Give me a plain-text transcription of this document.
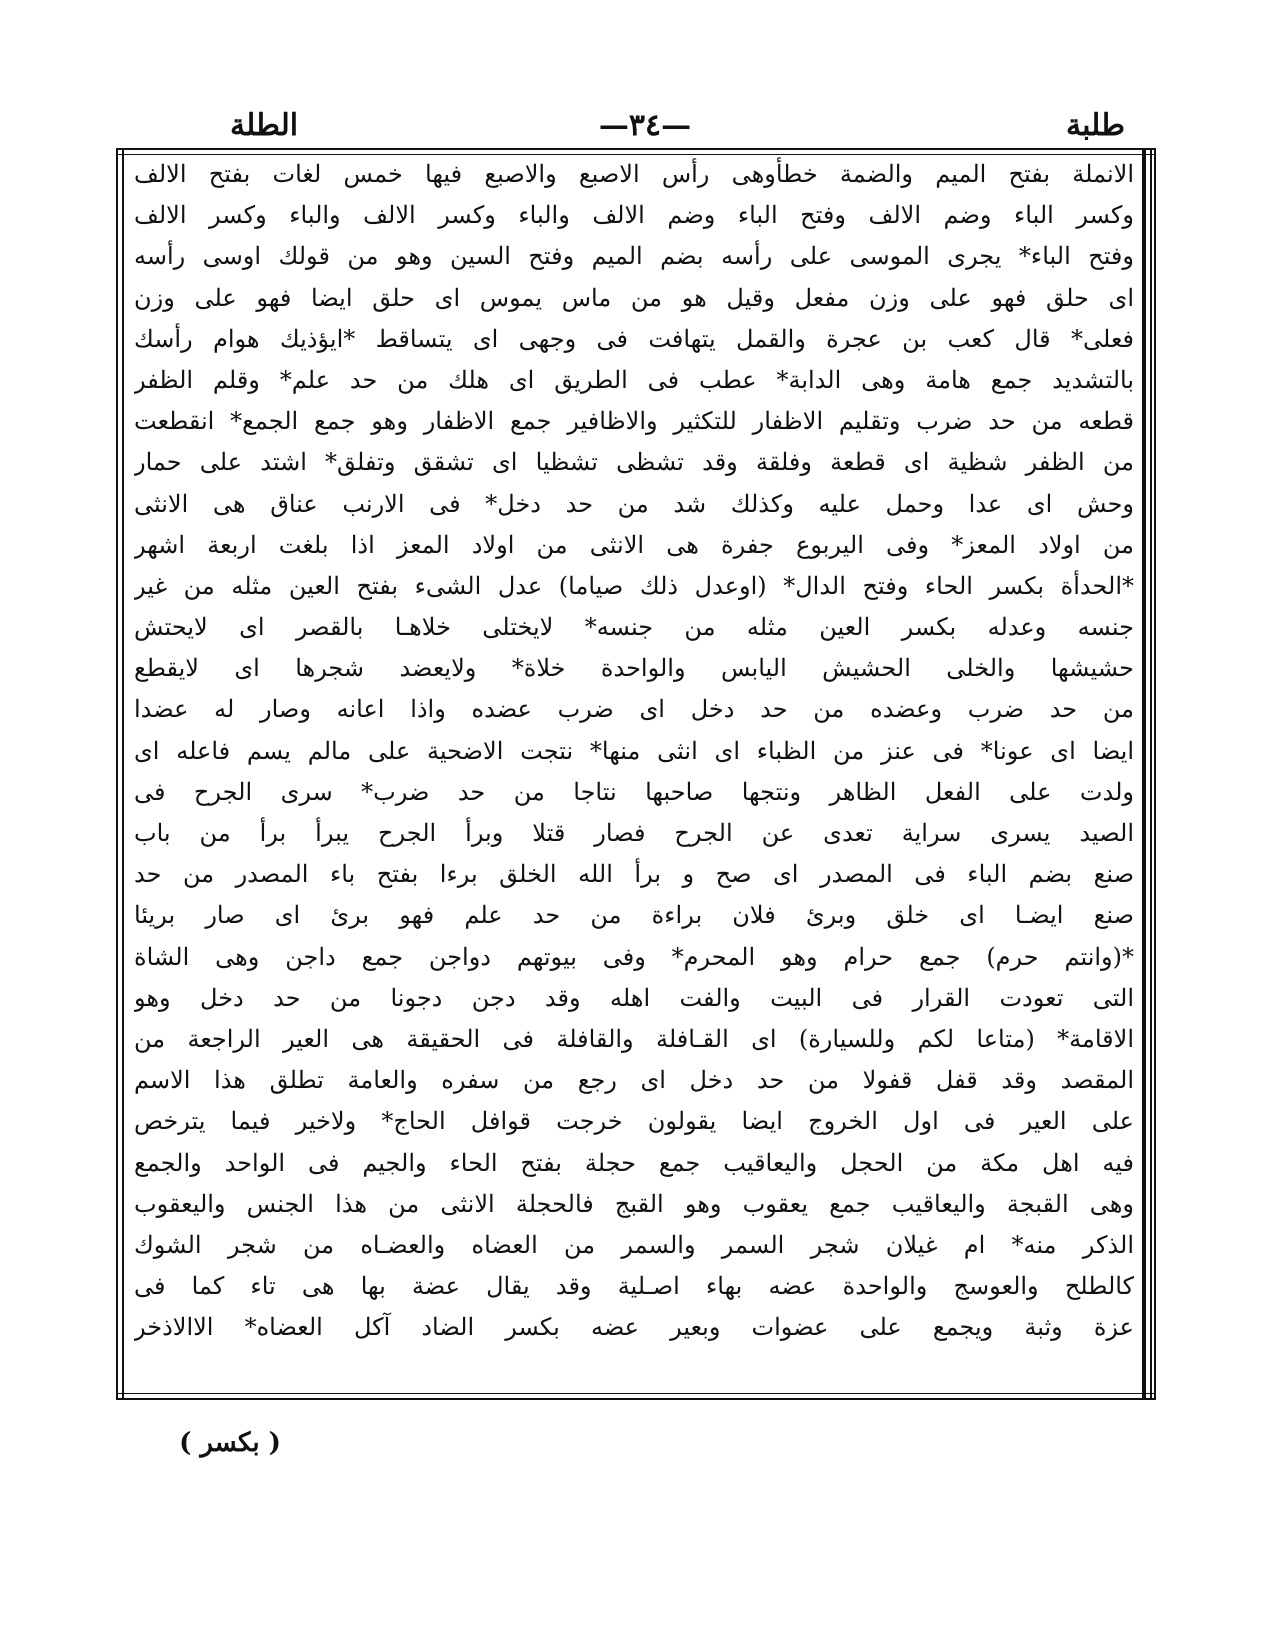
طلبة
—٣٤—
الطلة
الانملة بفتح الميم والضمة خطأوهى رأس الاصبع والاصبع فيها خمس لغات بفتح الالف
وكسر الباء وضم الالف وفتح الباء وضم الالف والباء وكسر الالف والباء وكسر الالف
وفتح الباء* يجرى الموسى على رأسه بضم الميم وفتح السين وهو من قولك اوسى رأسه
اى حلق فهو على وزن مفعل وقيل هو من ماس يموس اى حلق ايضا فهو على وزن
فعلى* قال كعب بن عجرة والقمل يتهافت فى وجهى اى يتساقط *ايؤذيك هوام رأسك
بالتشديد جمع هامة وهى الدابة* عطب فى الطريق اى هلك من حد علم* وقلم الظفر
قطعه من حد ضرب وتقليم الاظفار للتكثير والاظافير جمع الاظفار وهو جمع الجمع* انقطعت
من الظفر شظية اى قطعة وفلقة وقد تشظى تشظيا اى تشقق وتفلق* اشتد على حمار
وحش اى عدا وحمل عليه وكذلك شد من حد دخل* فى الارنب عناق هى الانثى
من اولاد المعز* وفى اليربوع جفرة هى الانثى من اولاد المعز اذا بلغت اربعة اشهر
*الحدأة بكسر الحاء وفتح الدال* (اوعدل ذلك صياما) عدل الشىء بفتح العين مثله من غير
جنسه وعدله بكسر العين مثله من جنسه* لايختلى خلاهـا بالقصر اى لايحتش
حشيشها والخلى الحشيش اليابس والواحدة خلاة* ولايعضد شجرها اى لايقطع
من حد ضرب وعضده من حد دخل اى ضرب عضده واذا اعانه وصار له عضدا
ايضا اى عونا* فى عنز من الظباء اى انثى منها* نتجت الاضحية على مالم يسم فاعله اى
ولدت على الفعل الظاهر ونتجها صاحبها نتاجا من حد ضرب* سرى الجرح فى
الصيد يسرى سراية تعدى عن الجرح فصار قتلا وبرأ الجرح يبرأ برأ من باب
صنع بضم الباء فى المصدر اى صح و برأ الله الخلق برءا بفتح باء المصدر من حد
صنع ايضـا اى خلق وبرئ فلان براءة من حد علم فهو برئ اى صار بريئا
*(وانتم حرم) جمع حرام وهو المحرم* وفى بيوتهم دواجن جمع داجن وهى الشاة
التى تعودت القرار فى البيت والفت اهله وقد دجن دجونا من حد دخل وهو
الاقامة* (متاعا لكم وللسيارة) اى القـافلة والقافلة فى الحقيقة هى العير الراجعة من
المقصد وقد قفل قفولا من حد دخل اى رجع من سفره والعامة تطلق هذا الاسم
على العير فى اول الخروج ايضا يقولون خرجت قوافل الحاج* ولاخير فيما يترخص
فيه اهل مكة من الحجل واليعاقيب جمع حجلة بفتح الحاء والجيم فى الواحد والجمع
وهى القبجة واليعاقيب جمع يعقوب وهو القبج فالحجلة الانثى من هذا الجنس واليعقوب
الذكر منه* ام غيلان شجر السمر والسمر من العضاه والعضـاه من شجر الشوك
كالطلح والعوسج والواحدة عضه بهاء اصـلية وقد يقال عضة بها هى تاء كما فى
عزة وثبة ويجمع على عضوات وبعير عضه بكسر الضاد آكل العضاه* الاالاذخر
( بكسر )
